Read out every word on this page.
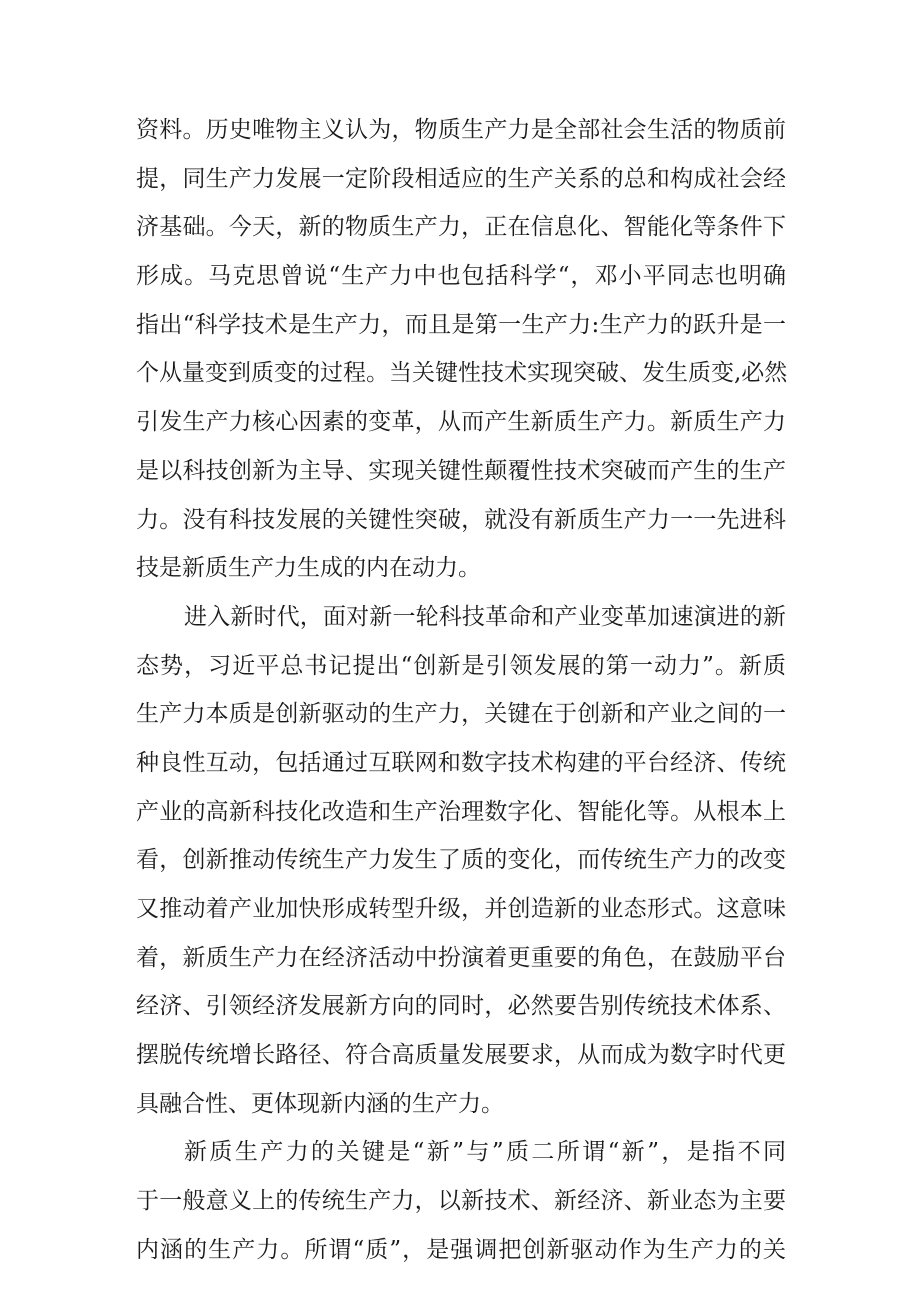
资料。历史唯物主义认为，物质生产力是全部社会生活的物质前
提，同生产力发展一定阶段相适应的生产关系的总和构成社会经
济基础。今天，新的物质生产力，正在信息化、智能化等条件下
形成。马克思曾说“生产力中也包括科学“，邓小平同志也明确
指出“科学技术是生产力，而且是第一生产力:生产力的跃升是一
个从量变到质变的过程。当关键性技术实现突破、发生质变,必然
引发生产力核心因素的变革，从而产生新质生产力。新质生产力
是以科技创新为主导、实现关键性颠覆性技术突破而产生的生产
力。没有科技发展的关键性突破，就没有新质生产力一一先进科
技是新质生产力生成的内在动力。
进入新时代，面对新一轮科技革命和产业变革加速演进的新
态势，习近平总书记提出“创新是引领发展的第一动力”。新质
生产力本质是创新驱动的生产力，关键在于创新和产业之间的一
种良性互动，包括通过互联网和数字技术构建的平台经济、传统
产业的高新科技化改造和生产治理数字化、智能化等。从根本上
看，创新推动传统生产力发生了质的变化，而传统生产力的改变
又推动着产业加快形成转型升级，并创造新的业态形式。这意味
着，新质生产力在经济活动中扮演着更重要的角色，在鼓励平台
经济、引领经济发展新方向的同时，必然要告别传统技术体系、
摆脱传统增长路径、符合高质量发展要求，从而成为数字时代更
具融合性、更体现新内涵的生产力。
新质生产力的关键是“新”与”质二所谓“新”，是指不同
于一般意义上的传统生产力，以新技术、新经济、新业态为主要
内涵的生产力。所谓“质”，是强调把创新驱动作为生产力的关
